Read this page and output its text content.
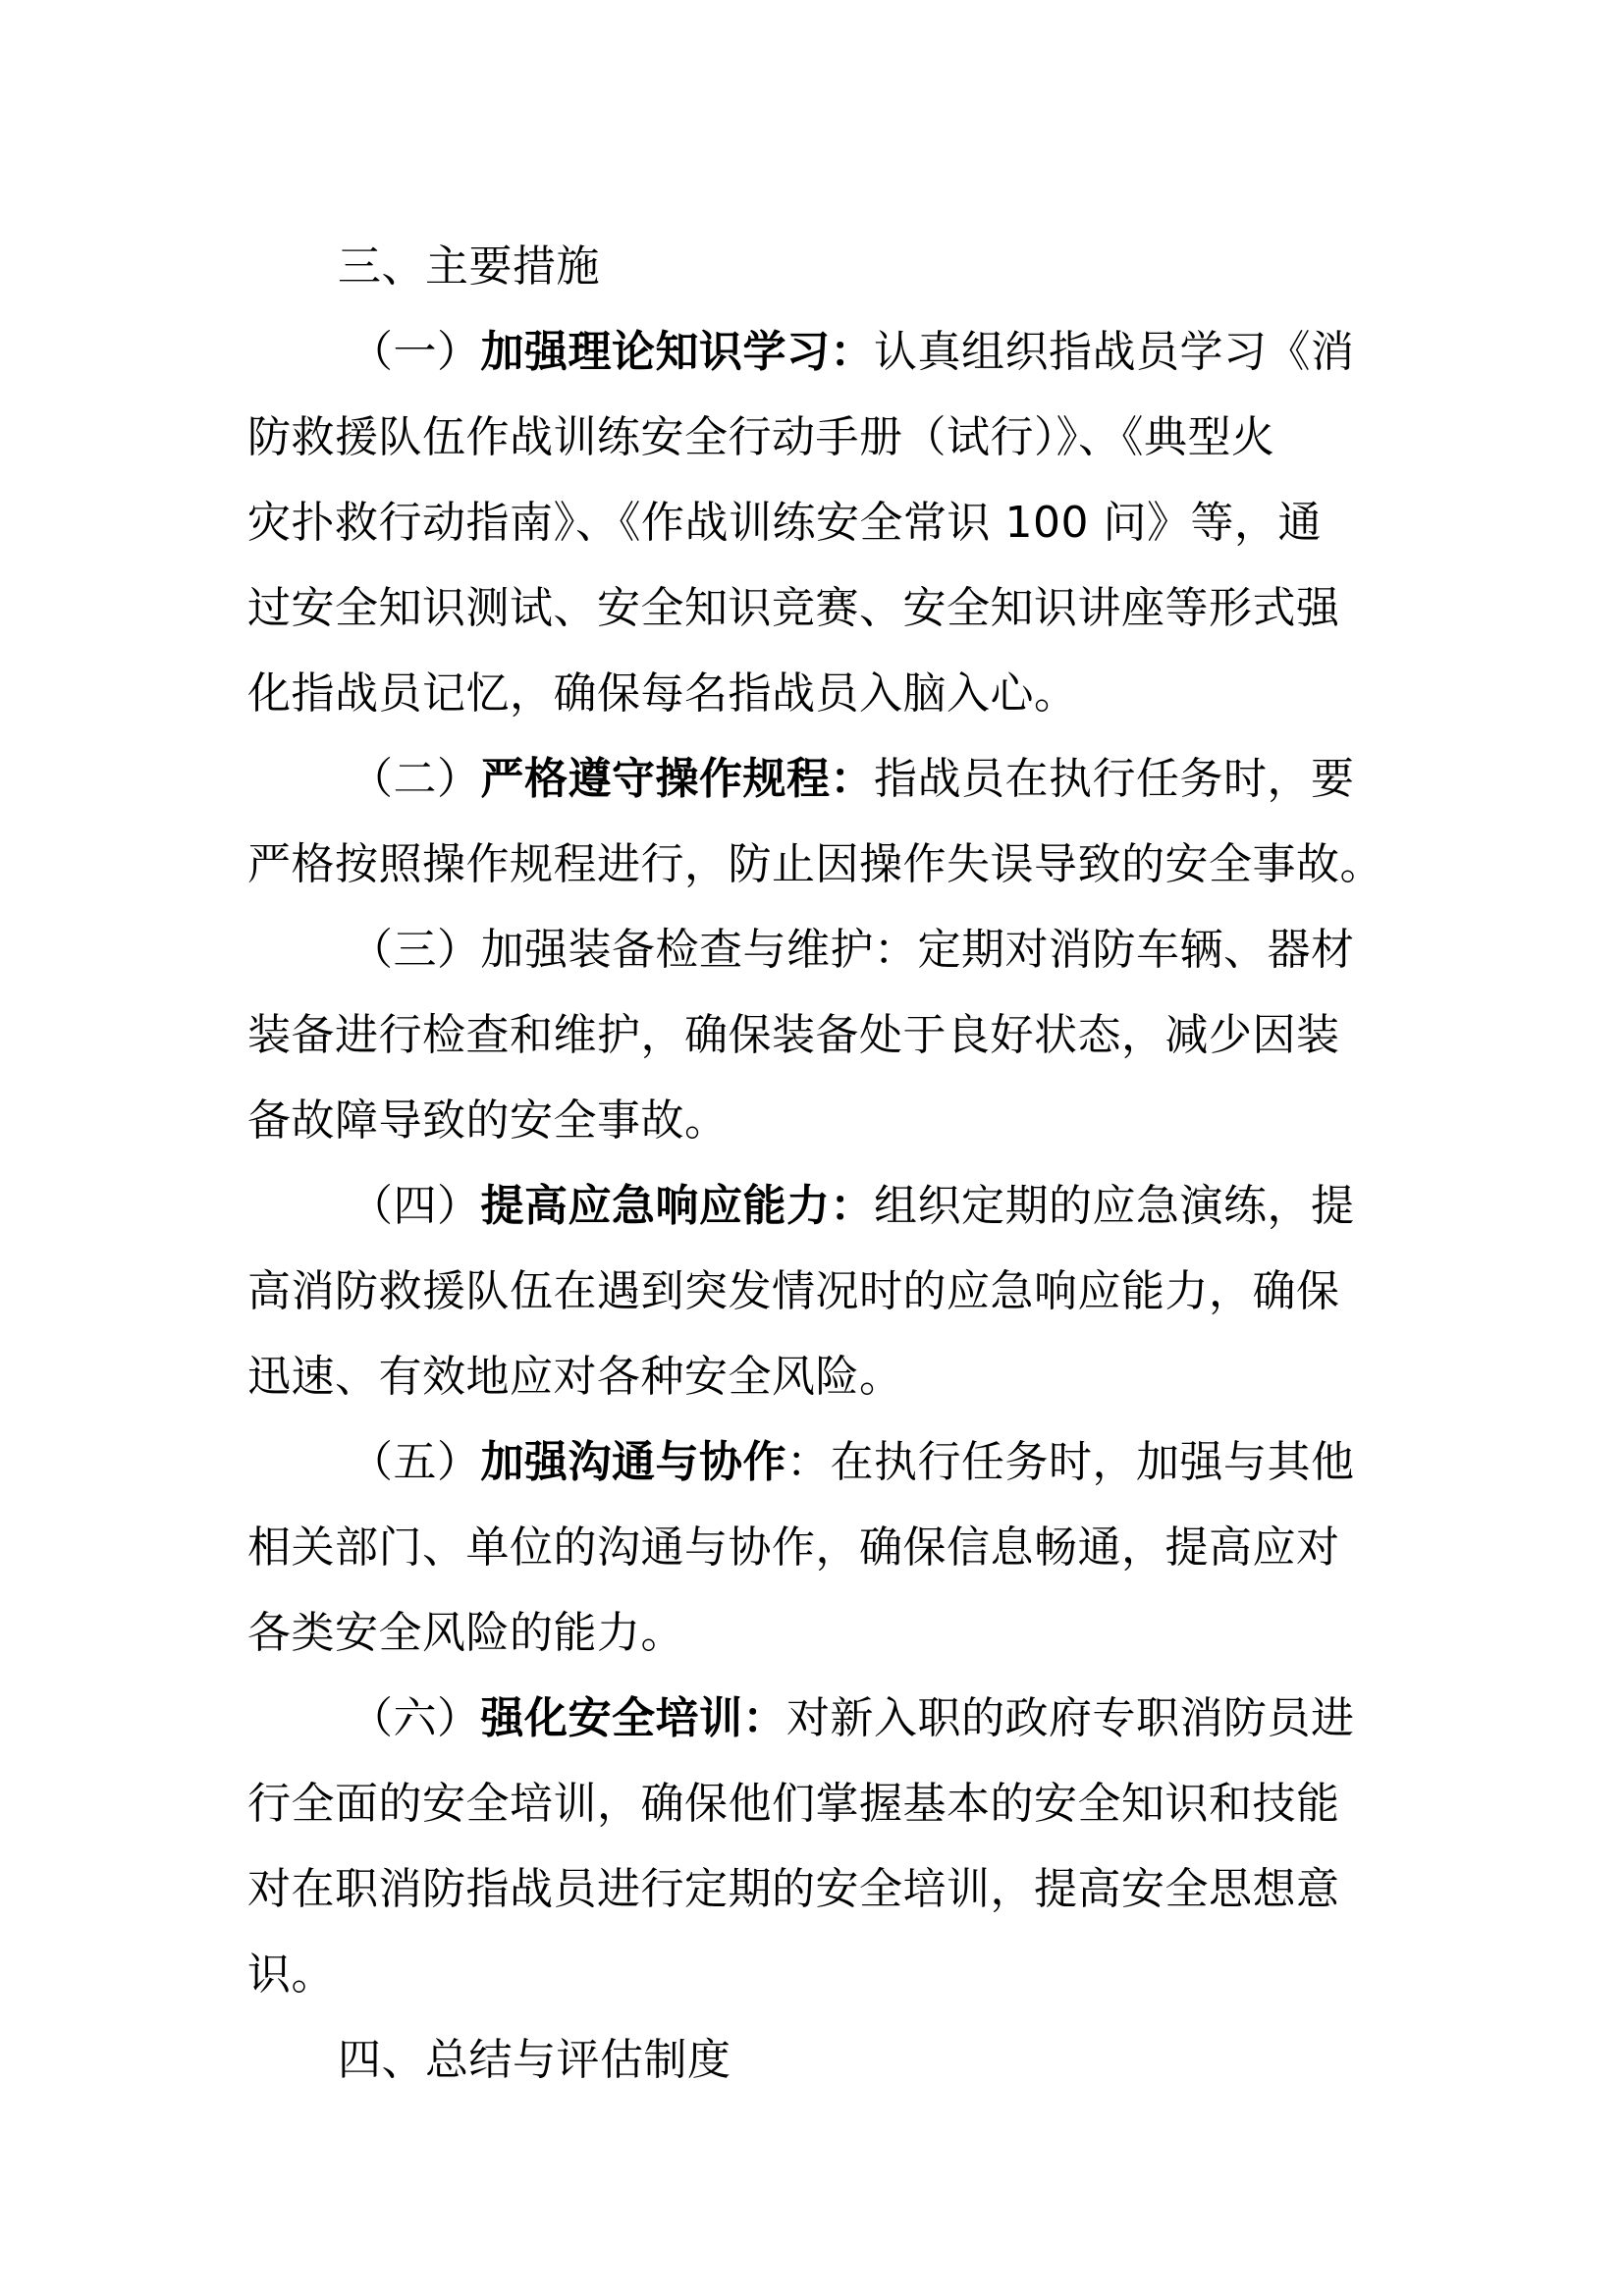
三、主要措施

（一）加强理论知识学习：认真组织指战员学习《消
防救援队伍作战训练安全行动手册（试行）》、《典型火
灾扑救行动指南》、《作战训练安全常识 100 问》等，通
过安全知识测试、安全知识竞赛、安全知识讲座等形式强
化指战员记忆，确保每名指战员入脑入心。

（二）严格遵守操作规程：指战员在执行任务时，要
严格按照操作规程进行，防止因操作失误导致的安全事故。

（三）加强装备检查与维护：定期对消防车辆、器材
装备进行检查和维护，确保装备处于良好状态，减少因装
备故障导致的安全事故。

（四）提高应急响应能力：组织定期的应急演练，提
高消防救援队伍在遇到突发情况时的应急响应能力，确保
迅速、有效地应对各种安全风险。

（五）加强沟通与协作：在执行任务时，加强与其他
相关部门、单位的沟通与协作，确保信息畅通，提高应对
各类安全风险的能力。

（六）强化安全培训：对新入职的政府专职消防员进
行全面的安全培训，确保他们掌握基本的安全知识和技能
对在职消防指战员进行定期的安全培训，提高安全思想意
识。

四、总结与评估制度
